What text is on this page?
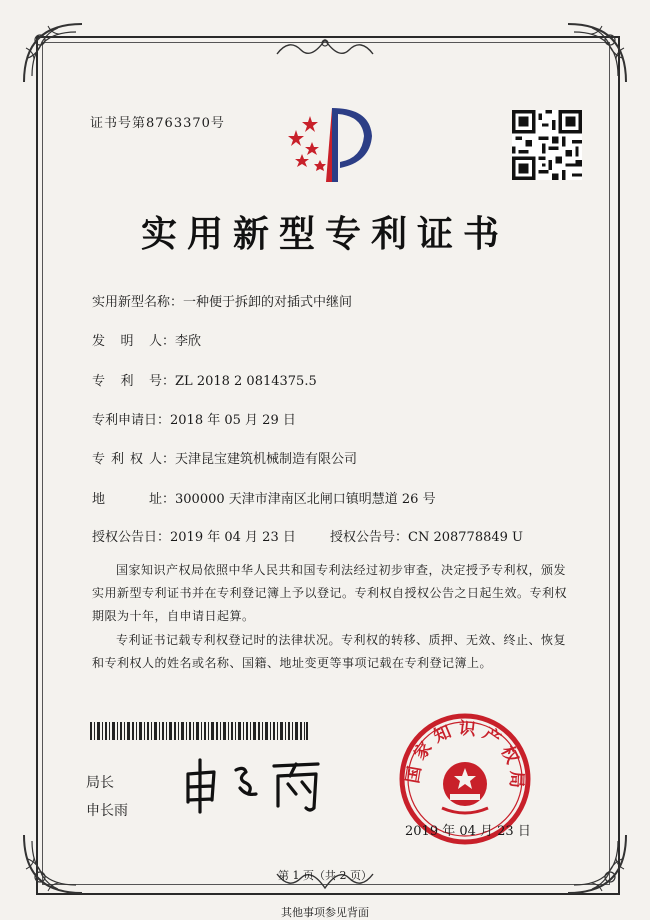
证书号第8763370号
实用新型专利证书
实用新型名称：一种便于拆卸的对插式中继间
发 明 人 ：李欣
专 利 号 ：ZL 2018 2 0814375.5
专利申请日：2018 年 05 月 29 日
专 利 权 人 ：天津昆宝建筑机械制造有限公司
地	址 ：300000 天津市津南区北闸口镇明慧道 26 号
授权公告日：2019 年 04 月 23 日	授权公告号：CN 208778849 U
国家知识产权局依照中华人民共和国专利法经过初步审查，决定授予专利权，颁发实用新型专利证书并在专利登记簿上予以登记。专利权自授权公告之日起生效。专利权期限为十年，自申请日起算。
专利证书记载专利权登记时的法律状况。专利权的转移、质押、无效、终止、恢复和专利权人的姓名或名称、国籍、地址变更等事项记载在专利登记簿上。
局长
申长雨
国家知识产权局
2019 年 04 月 23 日
第 1 页（共 2 页）
其他事项参见背面
